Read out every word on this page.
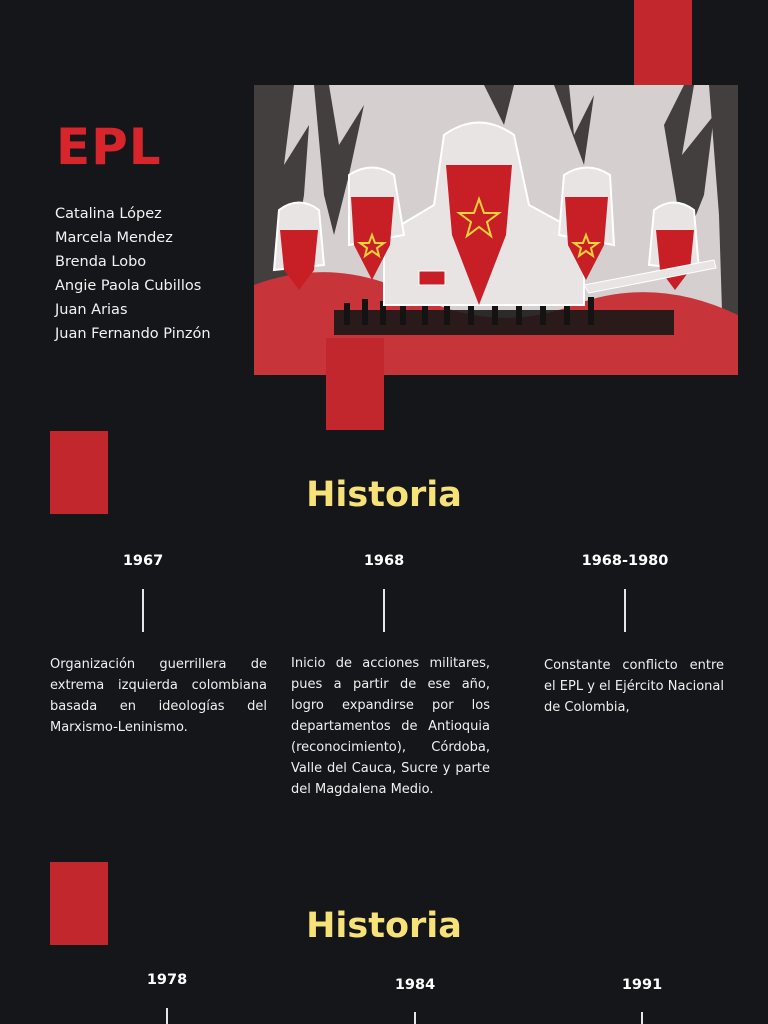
EPL
Catalina López
Marcela Mendez
Brenda Lobo
Angie Paola Cubillos
Juan Arias
Juan Fernando Pinzón
Historia
1967	1968	1968-1980
Organización guerrillera de extrema izquierda colombiana basada en ideologías del Marxismo-Leninismo.
Inicio de acciones militares, pues a partir de ese año, logro expandirse por los departamentos de Antioquia (reconocimiento), Córdoba, Valle del Cauca, Sucre y parte del Magdalena Medio.
Constante conflicto entre el EPL y el Ejército Nacional de Colombia,
Historia
1978	1984	1991
